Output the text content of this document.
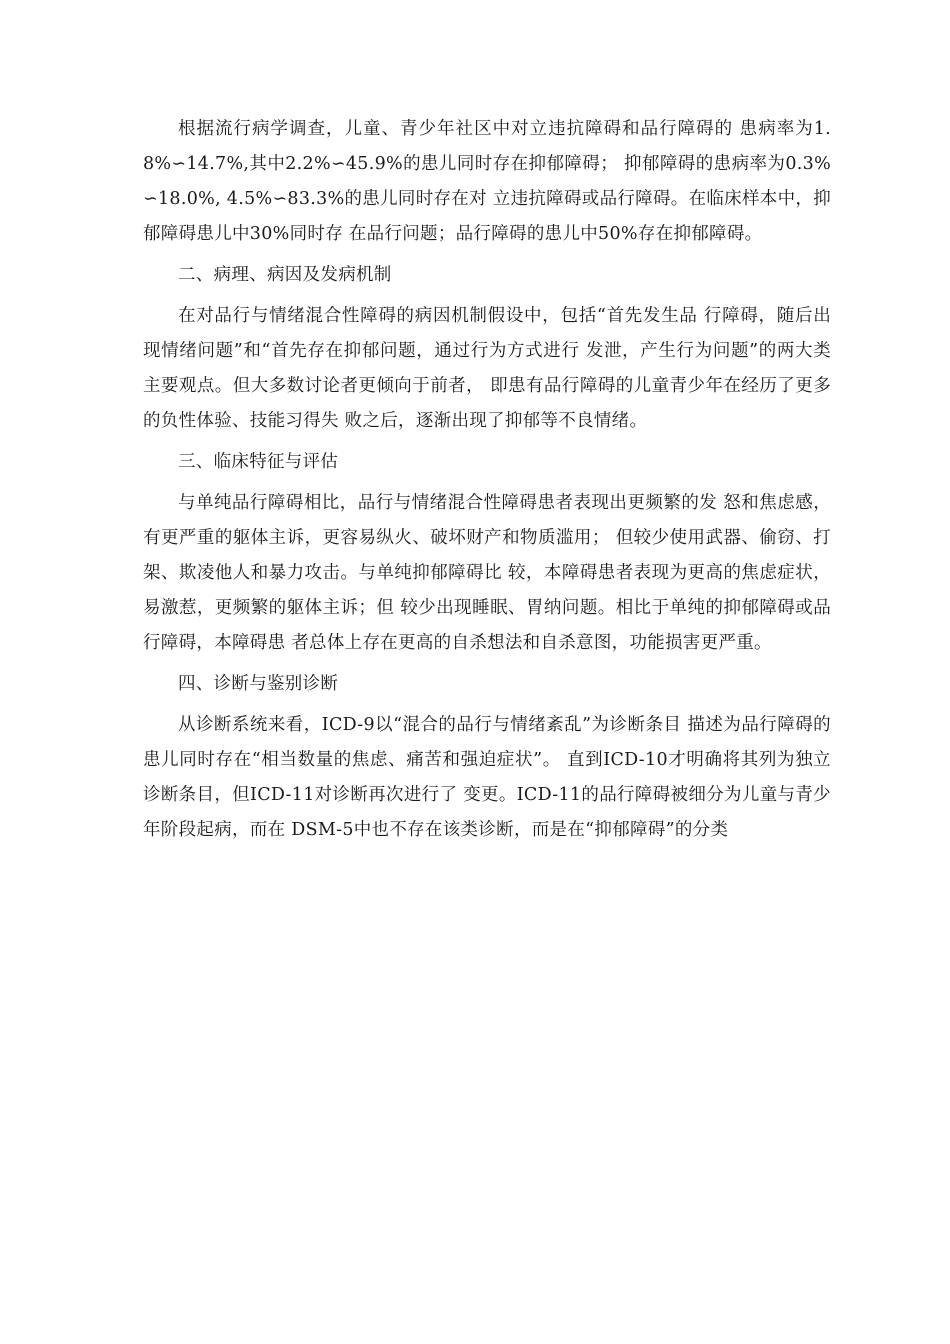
根据流行病学调查，儿童、青少年社区中对立违抗障碍和品行障碍的 患病率为1.8%∽14.7%,其中2.2%∽45.9%的患儿同时存在抑郁障碍； 抑郁障碍的患病率为0.3%∽18.0%, 4.5%∽83.3%的患儿同时存在对 立违抗障碍或品行障碍。在临床样本中，抑郁障碍患儿中30%同时存 在品行问题；品行障碍的患儿中50%存在抑郁障碍。

二、病理、病因及发病机制

在对品行与情绪混合性障碍的病因机制假设中，包括“首先发生品 行障碍，随后出现情绪问题”和“首先存在抑郁问题，通过行为方式进行 发泄，产生行为问题”的两大类主要观点。但大多数讨论者更倾向于前者， 即患有品行障碍的儿童青少年在经历了更多的负性体验、技能习得失 败之后，逐渐出现了抑郁等不良情绪。

三、临床特征与评估

与单纯品行障碍相比，品行与情绪混合性障碍患者表现出更频繁的发 怒和焦虑感，有更严重的躯体主诉，更容易纵火、破坏财产和物质滥用； 但较少使用武器、偷窃、打架、欺凌他人和暴力攻击。与单纯抑郁障碍比 较，本障碍患者表现为更高的焦虑症状，易激惹，更频繁的躯体主诉；但 较少出现睡眠、胃纳问题。相比于单纯的抑郁障碍或品行障碍，本障碍患 者总体上存在更高的自杀想法和自杀意图，功能损害更严重。

四、诊断与鉴别诊断

从诊断系统来看，ICD-9以“混合的品行与情绪紊乱”为诊断条目 描述为品行障碍的患儿同时存在“相当数量的焦虑、痛苦和强迫症状”。 直到ICD-10才明确将其列为独立诊断条目，但ICD-11对诊断再次进行了 变更。ICD-11的品行障碍被细分为儿童与青少年阶段起病，而在 DSM-5中也不存在该类诊断，而是在“抑郁障碍”的分类
